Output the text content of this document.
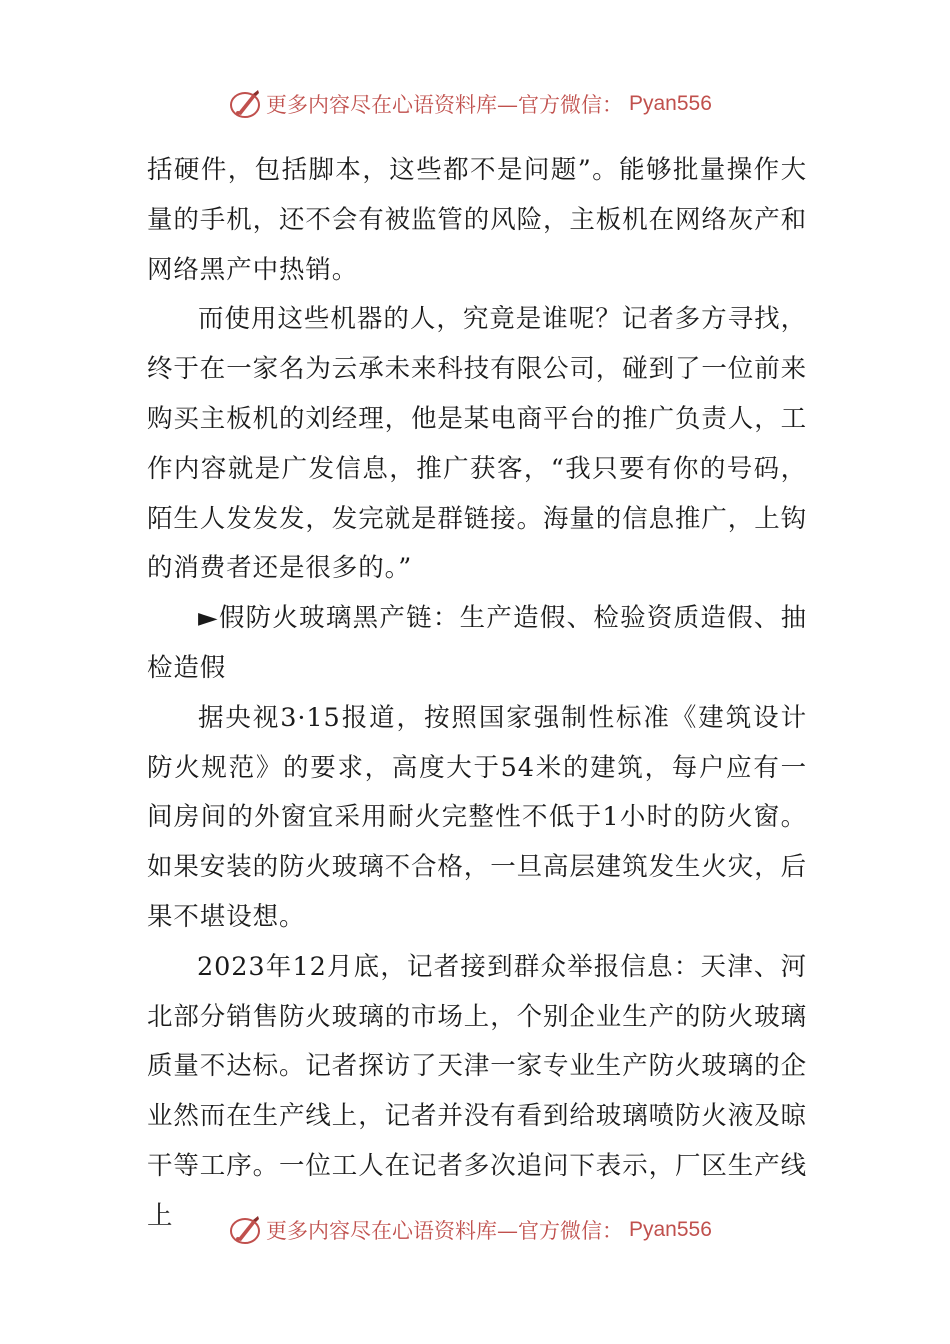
更多内容尽在心语资料库 —官方微信： Pyan556

括硬件，包括脚本，这些都不是问题”。能够批量操作大量的手机，还不会有被监管的风险，主板机在网络灰产和网络黑产中热销。

而使用这些机器的人，究竟是谁呢？记者多方寻找，终于在一家名为云承未来科技有限公司，碰到了一位前来购买主板机的刘经理，他是某电商平台的推广负责人，工作内容就是广发信息，推广获客，“我只要有你的号码，陌生人发发发，发完就是群链接。海量的信息推广，上钩的消费者还是很多的。”

►假防火玻璃黑产链：生产造假、检验资质造假、抽检造假

据央视3·15报道，按照国家强制性标准《建筑设计防火规范》的要求，高度大于54米的建筑，每户应有一间房间的外窗宜采用耐火完整性不低于1小时的防火窗。如果安装的防火玻璃不合格，一旦高层建筑发生火灾，后果不堪设想。

2023年12月底，记者接到群众举报信息：天津、河北部分销售防火玻璃的市场上，个别企业生产的防火玻璃质量不达标。记者探访了天津一家专业生产防火玻璃的企业然而在生产线上，记者并没有看到给玻璃喷防火液及晾干等工序。一位工人在记者多次追问下表示，厂区生产线上

更多内容尽在心语资料库 —官方微信： Pyan556
